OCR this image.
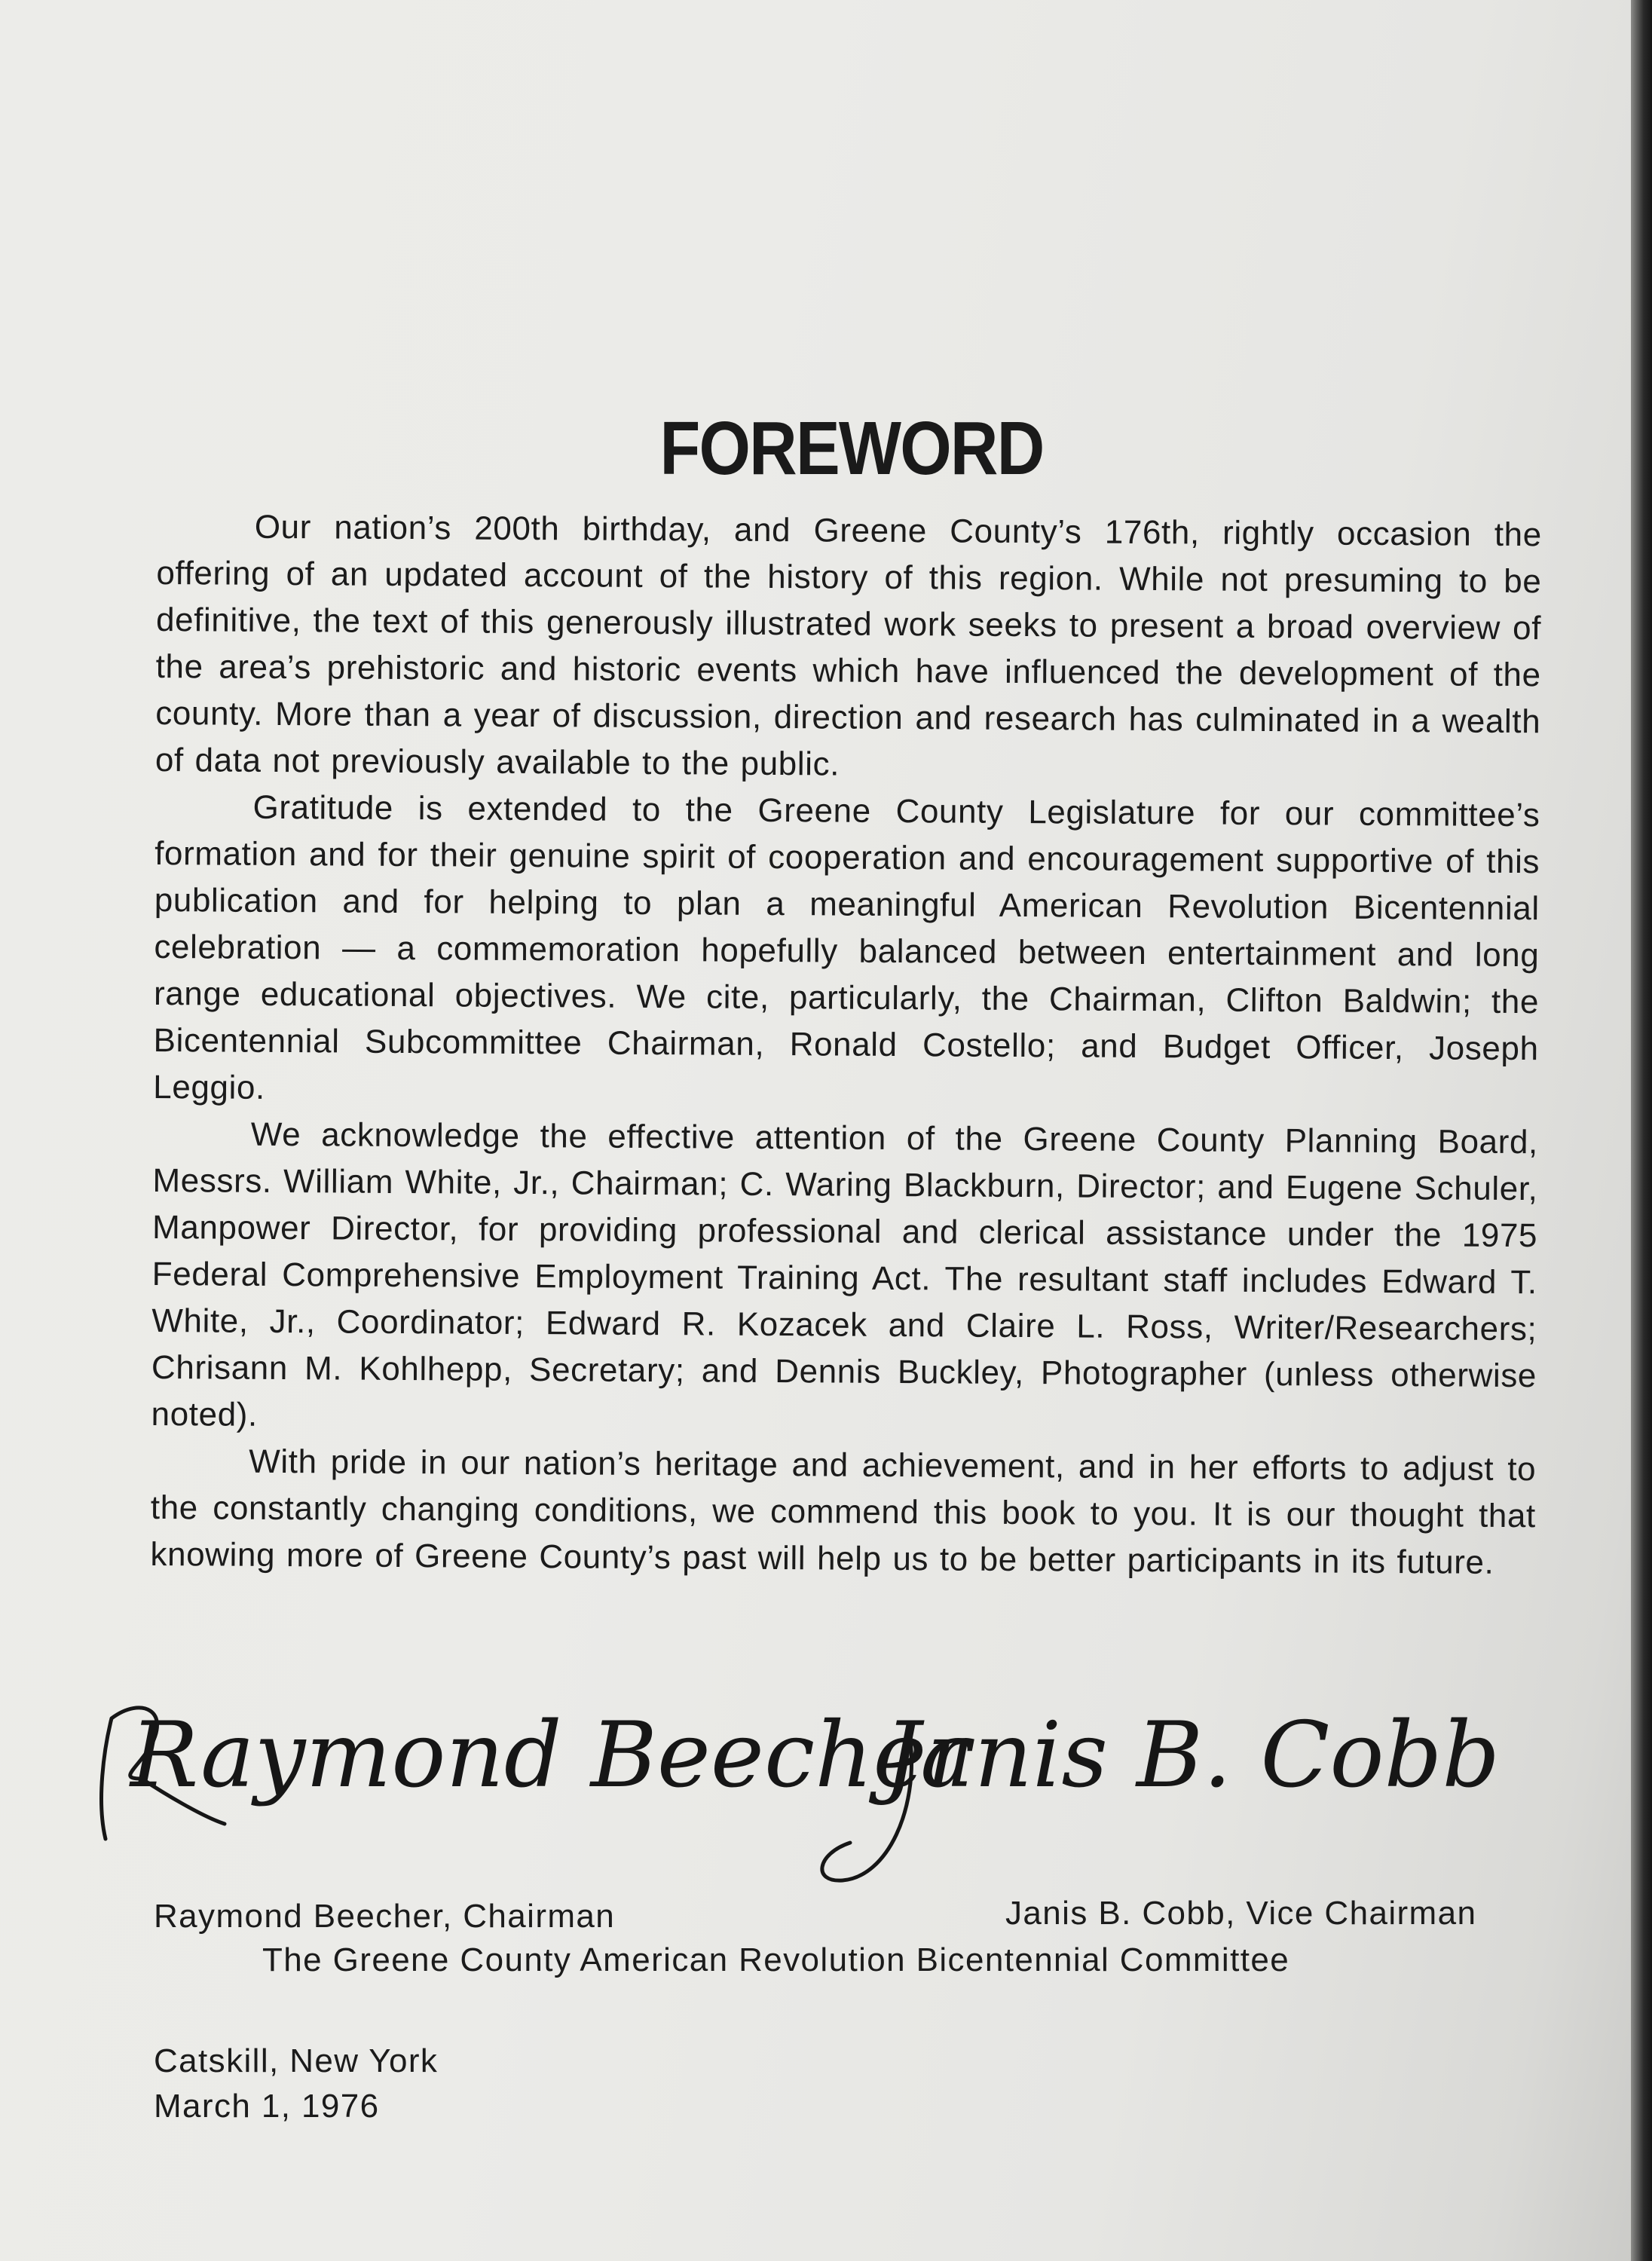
FOREWORD

Our nation’s 200th birthday, and Greene County’s 176th, rightly occasion the offering of an updated account of the history of this region. While not presuming to be definitive, the text of this generously illustrated work seeks to present a broad overview of the area’s prehistoric and historic events which have influenced the development of the county. More than a year of discussion, direction and research has culminated in a wealth of data not previously available to the public.

Gratitude is extended to the Greene County Legislature for our committee’s formation and for their genuine spirit of cooperation and encouragement supportive of this publication and for helping to plan a meaningful American Revolution Bicentennial celebration — a commemoration hopefully balanced between entertainment and long range educational objectives. We cite, particularly, the Chairman, Clifton Baldwin; the Bicentennial Subcommittee Chairman, Ronald Costello; and Budget Officer, Joseph Leggio.

We acknowledge the effective attention of the Greene County Planning Board, Messrs. William White, Jr., Chairman; C. Waring Blackburn, Director; and Eugene Schuler, Manpower Director, for providing professional and clerical assistance under the 1975 Federal Comprehensive Employment Training Act. The resultant staff includes Edward T. White, Jr., Coordinator; Edward R. Kozacek and Claire L. Ross, Writer/Researchers; Chrisann M. Kohlhepp, Secretary; and Dennis Buckley, Photographer (unless otherwise noted).

With pride in our nation’s heritage and achievement, and in her efforts to adjust to the constantly changing conditions, we commend this book to you. It is our thought that knowing more of Greene County’s past will help us to be better participants in its future.

Raymond Beecher
Janis B. Cobb
Raymond Beecher, Chairman	Janis B. Cobb, Vice Chairman
The Greene County American Revolution Bicentennial Committee
Catskill, New York
March 1, 1976
